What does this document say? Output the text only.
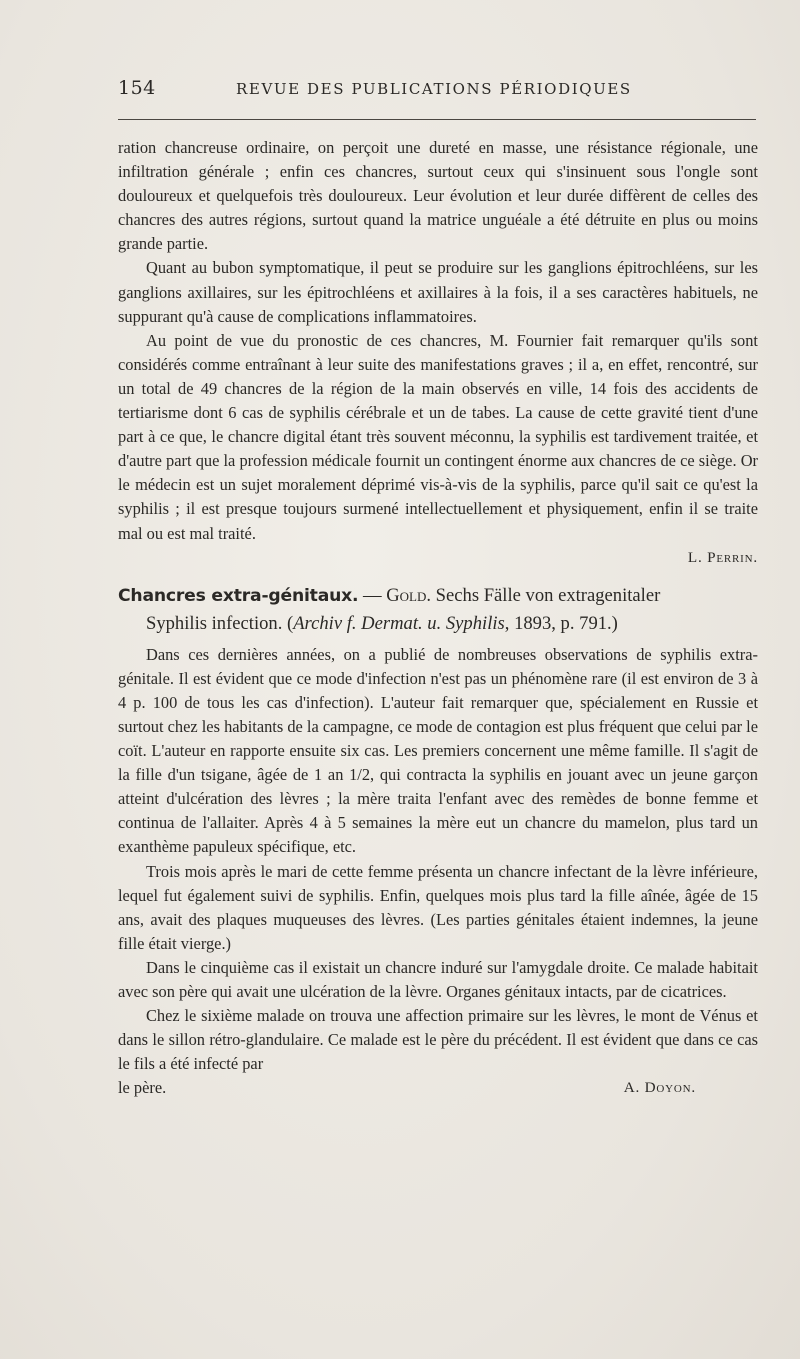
154	REVUE DES PUBLICATIONS PÉRIODIQUES

ration chancreuse ordinaire, on perçoit une dureté en masse, une résistance régionale, une infiltration générale ; enfin ces chancres, surtout ceux qui s'insinuent sous l'ongle sont douloureux et quelquefois très douloureux. Leur évolution et leur durée diffèrent de celles des chancres des autres régions, surtout quand la matrice unguéale a été détruite en plus ou moins grande partie.

Quant au bubon symptomatique, il peut se produire sur les ganglions épitrochléens, sur les ganglions axillaires, sur les épitrochléens et axillaires à la fois, il a ses caractères habituels, ne suppurant qu'à cause de complications inflammatoires.

Au point de vue du pronostic de ces chancres, M. Fournier fait remarquer qu'ils sont considérés comme entraînant à leur suite des manifestations graves ; il a, en effet, rencontré, sur un total de 49 chancres de la région de la main observés en ville, 14 fois des accidents de tertiarisme dont 6 cas de syphilis cérébrale et un de tabes. La cause de cette gravité tient d'une part à ce que, le chancre digital étant très souvent méconnu, la syphilis est tardivement traitée, et d'autre part que la profession médicale fournit un contingent énorme aux chancres de ce siège. Or le médecin est un sujet moralement déprimé vis-à-vis de la syphilis, parce qu'il sait ce qu'est la syphilis ; il est presque toujours surmené intellectuellement et physiquement, enfin il se traite mal ou est mal traité.

L. Perrin.

Chancres extra-génitaux. — Gold. Sechs Fälle von extragenitaler
Syphilis infection. (Archiv f. Dermat. u. Syphilis, 1893, p. 791.)

Dans ces dernières années, on a publié de nombreuses observations de syphilis extra-génitale. Il est évident que ce mode d'infection n'est pas un phénomène rare (il est environ de 3 à 4 p. 100 de tous les cas d'infection). L'auteur fait remarquer que, spécialement en Russie et surtout chez les habitants de la campagne, ce mode de contagion est plus fréquent que celui par le coït. L'auteur en rapporte ensuite six cas. Les premiers concernent une même famille. Il s'agit de la fille d'un tsigane, âgée de 1 an 1/2, qui contracta la syphilis en jouant avec un jeune garçon atteint d'ulcération des lèvres ; la mère traita l'enfant avec des remèdes de bonne femme et continua de l'allaiter. Après 4 à 5 semaines la mère eut un chancre du mamelon, plus tard un exanthème papuleux spécifique, etc.

Trois mois après le mari de cette femme présenta un chancre infectant de la lèvre inférieure, lequel fut également suivi de syphilis. Enfin, quelques mois plus tard la fille aînée, âgée de 15 ans, avait des plaques muqueuses des lèvres. (Les parties génitales étaient indemnes, la jeune fille était vierge.)

Dans le cinquième cas il existait un chancre induré sur l'amygdale droite. Ce malade habitait avec son père qui avait une ulcération de la lèvre. Organes génitaux intacts, par de cicatrices.

Chez le sixième malade on trouva une affection primaire sur les lèvres, le mont de Vénus et dans le sillon rétro-glandulaire. Ce malade est le père du précédent. Il est évident que dans ce cas le fils a été infecté par

le père.	A. Doyon.
